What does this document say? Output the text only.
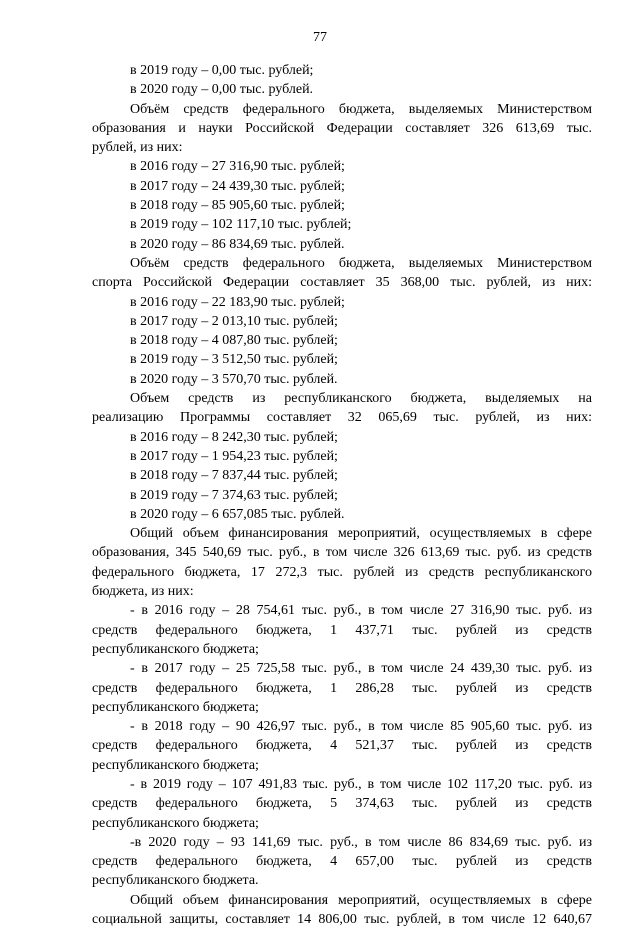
77

в 2019 году – 0,00 тыс. рублей;

в 2020 году – 0,00 тыс. рублей.

Объём средств федерального бюджета, выделяемых Министерством

образования и науки Российской Федерации составляет 326 613,69 тыс.

рублей, из них:

в 2016 году – 27 316,90 тыс. рублей;

в 2017 году – 24 439,30 тыс. рублей;

в 2018 году – 85 905,60 тыс. рублей;

в 2019 году – 102 117,10 тыс. рублей;

в 2020 году – 86 834,69 тыс. рублей.

Объём средств федерального бюджета, выделяемых Министерством

спорта Российской Федерации составляет 35 368,00 тыс. рублей, из них:

в 2016 году – 22 183,90 тыс. рублей;

в 2017 году – 2 013,10 тыс. рублей;

в 2018 году – 4 087,80 тыс. рублей;

в 2019 году – 3 512,50 тыс. рублей;

в 2020 году – 3 570,70 тыс. рублей.

Объем средств из республиканского бюджета, выделяемых на

реализацию Программы составляет 32 065,69 тыс. рублей, из них:

в 2016 году – 8 242,30 тыс. рублей;

в 2017 году – 1 954,23 тыс. рублей;

в 2018 году – 7 837,44 тыс. рублей;

в 2019 году – 7 374,63 тыс. рублей;

в 2020 году – 6 657,085 тыс. рублей.

Общий объем финансирования мероприятий, осуществляемых в сфере

образования, 345 540,69 тыс. руб., в том числе 326 613,69 тыс. руб. из средств

федерального бюджета, 17 272,3 тыс. рублей из средств республиканского

бюджета, из них:

- в 2016 году – 28 754,61 тыс. руб., в том числе 27 316,90 тыс. руб. из

средств федерального бюджета, 1 437,71 тыс. рублей из средств

республиканского бюджета;

- в 2017 году – 25 725,58 тыс. руб., в том числе 24 439,30 тыс. руб. из

средств федерального бюджета, 1 286,28 тыс. рублей из средств

республиканского бюджета;

- в 2018 году – 90 426,97 тыс. руб., в том числе 85 905,60 тыс. руб. из

средств федерального бюджета, 4 521,37 тыс. рублей из средств

республиканского бюджета;

- в 2019 году – 107 491,83 тыс. руб., в том числе 102 117,20 тыс. руб. из

средств федерального бюджета, 5 374,63 тыс. рублей из средств

республиканского бюджета;

-в 2020 году – 93 141,69 тыс. руб., в том числе 86 834,69 тыс. руб. из

средств федерального бюджета, 4 657,00 тыс. рублей из средств

республиканского бюджета.

Общий объем финансирования мероприятий, осуществляемых в сфере

социальной защиты, составляет 14 806,00 тыс. рублей, в том числе 12 640,67
